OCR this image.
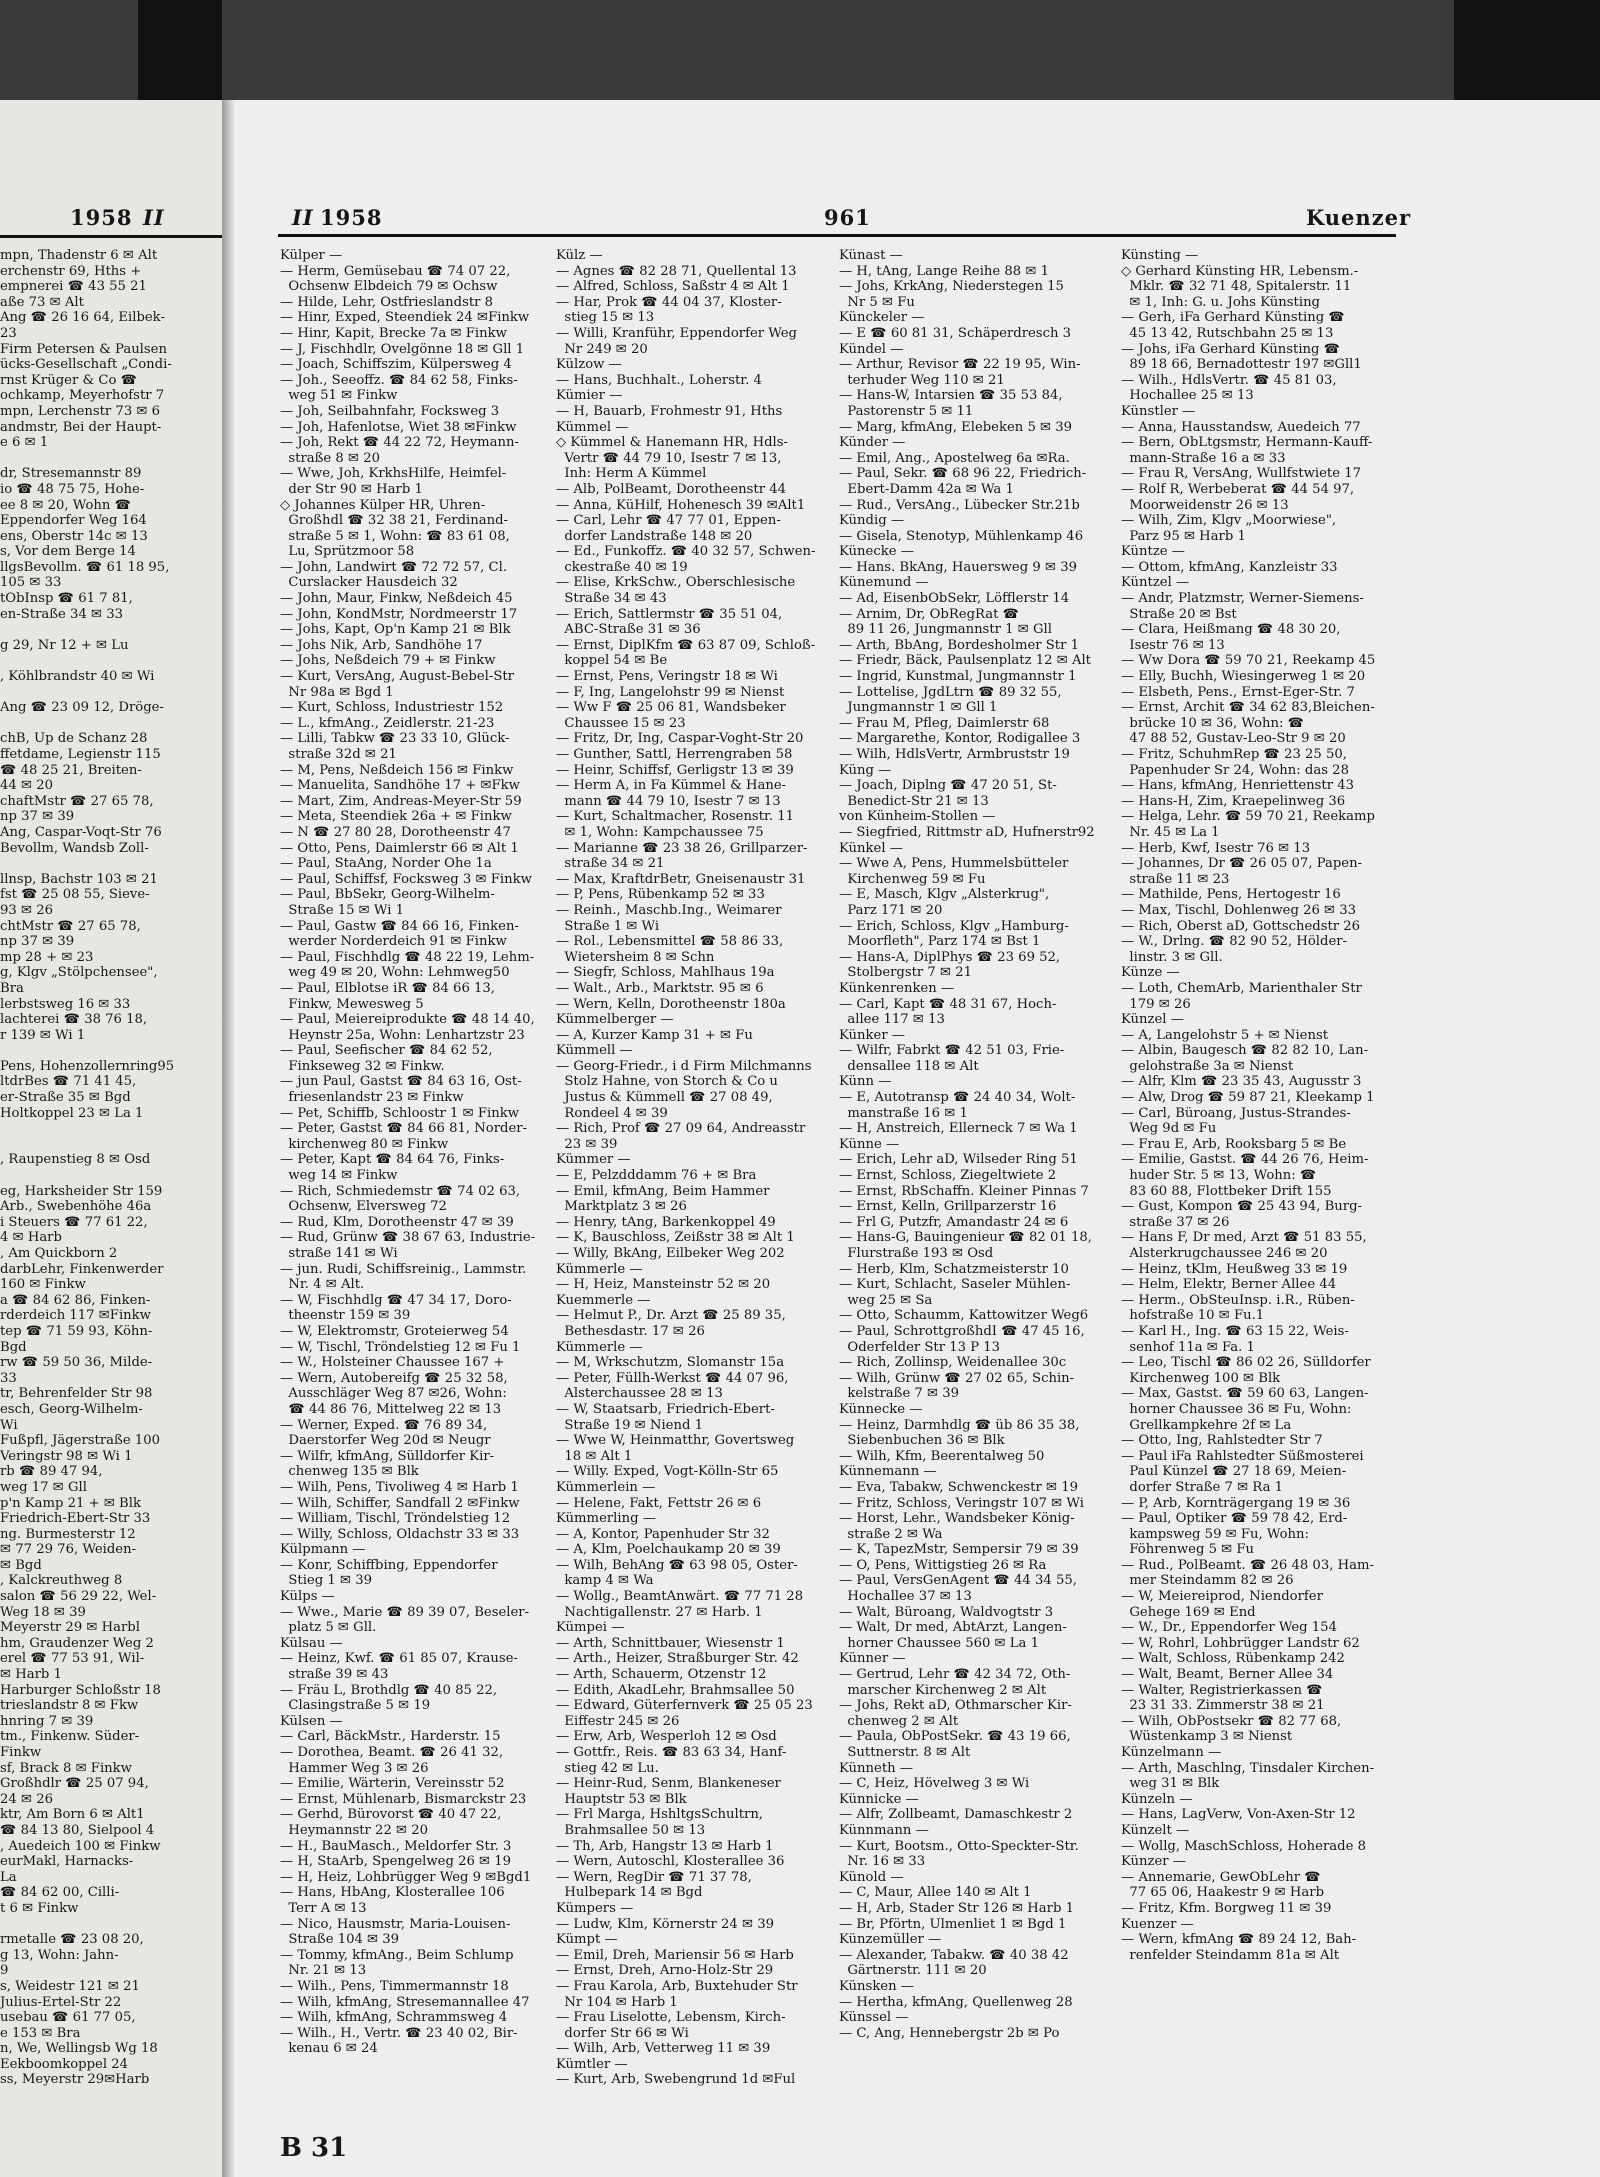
1958 II
mpn, Thadenstr 6 ✉ Alt
erchenstr 69, Hths +
empnerei ☎ 43 55 21
aße 73 ✉ Alt
Ang ☎ 26 16 64, Eilbek-
23
Firm Petersen & Paulsen
ücks-Gesellschaft „Condi-
rnst Krüger & Co ☎
ochkamp, Meyerhofstr 7
mpn, Lerchenstr 73 ✉ 6
andmstr, Bei der Haupt-
e 6 ✉ 1
dr, Stresemannstr 89
io ☎ 48 75 75, Hohe-
ee 8 ✉ 20, Wohn ☎
Eppendorfer Weg 164
ens, Oberstr 14c ✉ 13
s, Vor dem Berge 14
llgsBevollm. ☎ 61 18 95,
105 ✉ 33
tObInsp ☎ 61 7 81,
en-Straße 34 ✉ 33
g 29, Nr 12 + ✉ Lu
, Köhlbrandstr 40 ✉ Wi
Ang ☎ 23 09 12, Dröge-
chB, Up de Schanz 28
ffetdame, Legienstr 115
☎ 48 25 21, Breiten-
44 ✉ 20
chaftMstr ☎ 27 65 78,
np 37 ✉ 39
Ang, Caspar-Voqt-Str 76
Bevollm, Wandsb Zoll-
llnsp, Bachstr 103 ✉ 21
fst ☎ 25 08 55, Sieve-
93 ✉ 26
chtMstr ☎ 27 65 78,
np 37 ✉ 39
mp 28 + ✉ 23
g, Klgv „Stölpchensee",
Bra
lerbstsweg 16 ✉ 33
lachterei ☎ 38 76 18,
r 139 ✉ Wi 1
Pens, Hohenzollernring95
ltdrBes ☎ 71 41 45,
er-Straße 35 ✉ Bgd
Holtkoppel 23 ✉ La 1
, Raupenstieg 8 ✉ Osd
eg, Harksheider Str 159
Arb., Swebenhöhe 46a
i Steuers ☎ 77 61 22,
4 ✉ Harb
, Am Quickborn 2
darbLehr, Finkenwerder
160 ✉ Finkw
a ☎ 84 62 86, Finken-
rderdeich 117 ✉Finkw
tep ☎ 71 59 93, Köhn-
Bgd
rw ☎ 59 50 36, Milde-
33
tr, Behrenfelder Str 98
esch, Georg-Wilhelm-
Wi
Fußpfl, Jägerstraße 100
Veringstr 98 ✉ Wi 1
rb ☎ 89 47 94,
weg 17 ✉ Gll
p'n Kamp 21 + ✉ Blk
Friedrich-Ebert-Str 33
ng. Burmesterstr 12
✉ 77 29 76, Weiden-
✉ Bgd
, Kalckreuthweg 8
salon ☎ 56 29 22, Wel-
Weg 18 ✉ 39
Meyerstr 29 ✉ Harbl
hm, Graudenzer Weg 2
erel ☎ 77 53 91, Wil-
✉ Harb 1
Harburger Schloßstr 18
trieslandstr 8 ✉ Fkw
hnring 7 ✉ 39
tm., Finkenw. Süder-
Finkw
sf, Brack 8 ✉ Finkw
Großhdlr ☎ 25 07 94,
24 ✉ 26
ktr, Am Born 6 ✉ Alt1
☎ 84 13 80, Sielpool 4
, Auedeich 100 ✉ Finkw
eurMakl, Harnacks-
La
☎ 84 62 00, Cilli-
t 6 ✉ Finkw
rmetalle ☎ 23 08 20,
g 13, Wohn: Jahn-
9
s, Weidestr 121 ✉ 21
Julius-Ertel-Str 22
usebau ☎ 61 77 05,
e 153 ✉ Bra
n, We, Wellingsb Wg 18
Eekboomkoppel 24
ss, Meyerstr 29✉Harb
II 1958	961	Kuenzer
Külper —
— Herm, Gemüsebau ☎ 74 07 22,
Ochsenw Elbdeich 79 ✉ Ochsw
— Hilde, Lehr, Ostfrieslandstr 8
— Hinr, Exped, Steendiek 24 ✉Finkw
— Hinr, Kapit, Brecke 7a ✉ Finkw
— J, Fischhdlr, Ovelgönne 18 ✉ Gll 1
— Joach, Schiffszim, Külpersweg 4
— Joh., Seeoffz. ☎ 84 62 58, Finks-
weg 51 ✉ Finkw
— Joh, Seilbahnfahr, Focksweg 3
— Joh, Hafenlotse, Wiet 38 ✉Finkw
— Joh, Rekt ☎ 44 22 72, Heymann-
straße 8 ✉ 20
— Wwe, Joh, KrkhsHilfe, Heimfel-
der Str 90 ✉ Harb 1
◇ Johannes Külper HR, Uhren-
Großhdl ☎ 32 38 21, Ferdinand-
straße 5 ✉ 1, Wohn: ☎ 83 61 08,
Lu, Sprützmoor 58
— John, Landwirt ☎ 72 72 57, Cl.
Curslacker Hausdeich 32
— John, Maur, Finkw, Neßdeich 45
— John, KondMstr, Nordmeerstr 17
— Johs, Kapt, Op'n Kamp 21 ✉ Blk
— Johs Nik, Arb, Sandhöhe 17
— Johs, Neßdeich 79 + ✉ Finkw
— Kurt, VersAng, August-Bebel-Str
Nr 98a ✉ Bgd 1
— Kurt, Schloss, Industriestr 152
— L., kfmAng., Zeidlerstr. 21-23
— Lilli, Tabkw ☎ 23 33 10, Glück-
straße 32d ✉ 21
— M, Pens, Neßdeich 156 ✉ Finkw
— Manuelita, Sandhöhe 17 + ✉Fkw
— Mart, Zim, Andreas-Meyer-Str 59
— Meta, Steendiek 26a + ✉ Finkw
— N ☎ 27 80 28, Dorotheenstr 47
— Otto, Pens, Daimlerstr 66 ✉ Alt 1
— Paul, StaAng, Norder Ohe 1a
— Paul, Schiffsf, Focksweg 3 ✉ Finkw
— Paul, BbSekr, Georg-Wilhelm-
Straße 15 ✉ Wi 1
— Paul, Gastw ☎ 84 66 16, Finken-
werder Norderdeich 91 ✉ Finkw
— Paul, Fischhdlg ☎ 48 22 19, Lehm-
weg 49 ✉ 20, Wohn: Lehmweg50
— Paul, Elblotse iR ☎ 84 66 13,
Finkw, Mewesweg 5
— Paul, Meiereiprodukte ☎ 48 14 40,
Heynstr 25a, Wohn: Lenhartzstr 23
— Paul, Seefischer ☎ 84 62 52,
Finkseweg 32 ✉ Finkw.
— jun Paul, Gastst ☎ 84 63 16, Ost-
friesenlandstr 23 ✉ Finkw
— Pet, Schiffb, Schloostr 1 ✉ Finkw
— Peter, Gastst ☎ 84 66 81, Norder-
kirchenweg 80 ✉ Finkw
— Peter, Kapt ☎ 84 64 76, Finks-
weg 14 ✉ Finkw
— Rich, Schmiedemstr ☎ 74 02 63,
Ochsenw, Elversweg 72
— Rud, Klm, Dorotheenstr 47 ✉ 39
— Rud, Grünw ☎ 38 67 63, Industrie-
straße 141 ✉ Wi
— jun. Rudi, Schiffsreinig., Lammstr.
Nr. 4 ✉ Alt.
— W, Fischhdlg ☎ 47 34 17, Doro-
theenstr 159 ✉ 39
— W, Elektromstr, Groteierweg 54
— W, Tischl, Tröndelstieg 12 ✉ Fu 1
— W., Holsteiner Chaussee 167 +
— Wern, Autobereifg ☎ 25 32 58,
Ausschläger Weg 87 ✉26, Wohn:
☎ 44 86 76, Mittelweg 22 ✉ 13
— Werner, Exped. ☎ 76 89 34,
Daerstorfer Weg 20d ✉ Neugr
— Wilfr, kfmAng, Sülldorfer Kir-
chenweg 135 ✉ Blk
— Wilh, Pens, Tivoliweg 4 ✉ Harb 1
— Wilh, Schiffer, Sandfall 2 ✉Finkw
— William, Tischl, Tröndelstieg 12
— Willy, Schloss, Oldachstr 33 ✉ 33
Külpmann —
— Konr, Schiffbing, Eppendorfer
Stieg 1 ✉ 39
Külps —
— Wwe., Marie ☎ 89 39 07, Beseler-
platz 5 ✉ Gll.
Külsau —
— Heinz, Kwf. ☎ 61 85 07, Krause-
straße 39 ✉ 43
— Fräu L, Brothdlg ☎ 40 85 22,
Clasingstraße 5 ✉ 19
Külsen —
— Carl, BäckMstr., Harderstr. 15
— Dorothea, Beamt. ☎ 26 41 32,
Hammer Weg 3 ✉ 26
— Emilie, Wärterin, Vereinsstr 52
— Ernst, Mühlenarb, Bismarckstr 23
— Gerhd, Bürovorst ☎ 40 47 22,
Heymannstr 22 ✉ 20
— H., BauMasch., Meldorfer Str. 3
— H, StaArb, Spengelweg 26 ✉ 19
— H, Heiz, Lohbrügger Weg 9 ✉Bgd1
— Hans, HbAng, Klosterallee 106
Terr A ✉ 13
— Nico, Hausmstr, Maria-Louisen-
Straße 104 ✉ 39
— Tommy, kfmAng., Beim Schlump
Nr. 21 ✉ 13
— Wilh., Pens, Timmermannstr 18
— Wilh, kfmAng, Stresemannallee 47
— Wilh, kfmAng, Schrammsweg 4
— Wilh., H., Vertr. ☎ 23 40 02, Bir-
kenau 6 ✉ 24
Külz —
— Agnes ☎ 82 28 71, Quellental 13
— Alfred, Schloss, Saßstr 4 ✉ Alt 1
— Har, Prok ☎ 44 04 37, Kloster-
stieg 15 ✉ 13
— Willi, Kranführ, Eppendorfer Weg
Nr 249 ✉ 20
Külzow —
— Hans, Buchhalt., Loherstr. 4
Kümier —
— H, Bauarb, Frohmestr 91, Hths
Kümmel —
◇ Kümmel & Hanemann HR, Hdls-
Vertr ☎ 44 79 10, Isestr 7 ✉ 13,
Inh: Herm A Kümmel
— Alb, PolBeamt, Dorotheenstr 44
— Anna, KüHilf, Hohenesch 39 ✉Alt1
— Carl, Lehr ☎ 47 77 01, Eppen-
dorfer Landstraße 148 ✉ 20
— Ed., Funkoffz. ☎ 40 32 57, Schwen-
ckestraße 40 ✉ 19
— Elise, KrkSchw., Oberschlesische
Straße 34 ✉ 43
— Erich, Sattlermstr ☎ 35 51 04,
ABC-Straße 31 ✉ 36
— Ernst, DiplKfm ☎ 63 87 09, Schloß-
koppel 54 ✉ Be
— Ernst, Pens, Veringstr 18 ✉ Wi
— F, Ing, Langelohstr 99 ✉ Nienst
— Ww F ☎ 25 06 81, Wandsbeker
Chaussee 15 ✉ 23
— Fritz, Dr, Ing, Caspar-Voght-Str 20
— Gunther, Sattl, Herrengraben 58
— Heinr, Schiffsf, Gerligstr 13 ✉ 39
— Herm A, in Fa Kümmel & Hane-
mann ☎ 44 79 10, Isestr 7 ✉ 13
— Kurt, Schaltmacher, Rosenstr. 11
✉ 1, Wohn: Kampchaussee 75
— Marianne ☎ 23 38 26, Grillparzer-
straße 34 ✉ 21
— Max, KraftdrBetr, Gneisenaustr 31
— P, Pens, Rübenkamp 52 ✉ 33
— Reinh., Maschb.Ing., Weimarer
Straße 1 ✉ Wi
— Rol., Lebensmittel ☎ 58 86 33,
Wietersheim 8 ✉ Schn
— Siegfr, Schloss, Mahlhaus 19a
— Walt., Arb., Marktstr. 95 ✉ 6
— Wern, Kelln, Dorotheenstr 180a
Kümmelberger —
— A, Kurzer Kamp 31 + ✉ Fu
Kümmell —
— Georg-Friedr., i d Firm Milchmanns
Stolz Hahne, von Storch & Co u
Justus & Kümmell ☎ 27 08 49,
Rondeel 4 ✉ 39
— Rich, Prof ☎ 27 09 64, Andreasstr
23 ✉ 39
Kümmer —
— E, Pelzdddamm 76 + ✉ Bra
— Emil, kfmAng, Beim Hammer
Marktplatz 3 ✉ 26
— Henry, tAng, Barkenkoppel 49
— K, Bauschloss, Zeißstr 38 ✉ Alt 1
— Willy, BkAng, Eilbeker Weg 202
Kümmerle —
— H, Heiz, Mansteinstr 52 ✉ 20
Kuemmerle —
— Helmut P., Dr. Arzt ☎ 25 89 35,
Bethesdastr. 17 ✉ 26
Kümmerle —
— M, Wrkschutzm, Slomanstr 15a
— Peter, Füllh-Werkst ☎ 44 07 96,
Alsterchaussee 28 ✉ 13
— W, Staatsarb, Friedrich-Ebert-
Straße 19 ✉ Niend 1
— Wwe W, Heinmatthr, Govertsweg
18 ✉ Alt 1
— Willy. Exped, Vogt-Kölln-Str 65
Kümmerlein —
— Helene, Fakt, Fettstr 26 ✉ 6
Kümmerling —
— A, Kontor, Papenhuder Str 32
— A, Klm, Poelchaukamp 20 ✉ 39
— Wilh, BehAng ☎ 63 98 05, Oster-
kamp 4 ✉ Wa
— Wollg., BeamtAnwärt. ☎ 77 71 28
Nachtigallenstr. 27 ✉ Harb. 1
Kümpei —
— Arth, Schnittbauer, Wiesenstr 1
— Arth., Heizer, Straßburger Str. 42
— Arth, Schauerm, Otzenstr 12
— Edith, AkadLehr, Brahmsallee 50
— Edward, Güterfernverk ☎ 25 05 23
Eiffestr 245 ✉ 26
— Erw, Arb, Wesperloh 12 ✉ Osd
— Gottfr., Reis. ☎ 83 63 34, Hanf-
stieg 42 ✉ Lu.
— Heinr-Rud, Senm, Blankeneser
Hauptstr 53 ✉ Blk
— Frl Marga, HshltgsSchultrn,
Brahmsallee 50 ✉ 13
— Th, Arb, Hangstr 13 ✉ Harb 1
— Wern, Autoschl, Klosterallee 36
— Wern, RegDir ☎ 71 37 78,
Hulbepark 14 ✉ Bgd
Kümpers —
— Ludw, Klm, Körnerstr 24 ✉ 39
Kümpt —
— Emil, Dreh, Mariensir 56 ✉ Harb
— Ernst, Dreh, Arno-Holz-Str 29
— Frau Karola, Arb, Buxtehuder Str
Nr 104 ✉ Harb 1
— Frau Liselotte, Lebensm, Kirch-
dorfer Str 66 ✉ Wi
— Wilh, Arb, Vetterweg 11 ✉ 39
Kümtler —
— Kurt, Arb, Swebengrund 1d ✉Ful
Künast —
— H, tAng, Lange Reihe 88 ✉ 1
— Johs, KrkAng, Niederstegen 15
Nr 5 ✉ Fu
Künckeler —
— E ☎ 60 81 31, Schäperdresch 3
Kündel —
— Arthur, Revisor ☎ 22 19 95, Win-
terhuder Weg 110 ✉ 21
— Hans-W, Intarsien ☎ 35 53 84,
Pastorenstr 5 ✉ 11
— Marg, kfmAng, Elebeken 5 ✉ 39
Künder —
— Emil, Ang., Apostelweg 6a ✉Ra.
— Paul, Sekr. ☎ 68 96 22, Friedrich-
Ebert-Damm 42a ✉ Wa 1
— Rud., VersAng., Lübecker Str.21b
Kündig —
— Gisela, Stenotyp, Mühlenkamp 46
Künecke —
— Hans. BkAng, Hauersweg 9 ✉ 39
Künemund —
— Ad, EisenbObSekr, Löfflerstr 14
— Arnim, Dr, ObRegRat ☎
89 11 26, Jungmannstr 1 ✉ Gll
— Arth, BbAng, Bordesholmer Str 1
— Friedr, Bäck, Paulsenplatz 12 ✉ Alt
— Ingrid, Kunstmal, Jungmannstr 1
— Lottelise, JgdLtrn ☎ 89 32 55,
Jungmannstr 1 ✉ Gll 1
— Frau M, Pfleg, Daimlerstr 68
— Margarethe, Kontor, Rodigallee 3
— Wilh, HdlsVertr, Armbruststr 19
Küng —
— Joach, Diplng ☎ 47 20 51, St-
Benedict-Str 21 ✉ 13
von Künheim-Stollen —
— Siegfried, Rittmstr aD, Hufnerstr92
Künkel —
— Wwe A, Pens, Hummelsbütteler
Kirchenweg 59 ✉ Fu
— E, Masch, Klgv „Alsterkrug",
Parz 171 ✉ 20
— Erich, Schloss, Klgv „Hamburg-
Moorfleth", Parz 174 ✉ Bst 1
— Hans-A, DiplPhys ☎ 23 69 52,
Stolbergstr 7 ✉ 21
Künkenrenken —
— Carl, Kapt ☎ 48 31 67, Hoch-
allee 117 ✉ 13
Künker —
— Wilfr, Fabrkt ☎ 42 51 03, Frie-
densallee 118 ✉ Alt
Künn —
— E, Autotransp ☎ 24 40 34, Wolt-
manstraße 16 ✉ 1
— H, Anstreich, Ellerneck 7 ✉ Wa 1
Künne —
— Erich, Lehr aD, Wilseder Ring 51
— Ernst, Schloss, Ziegeltwiete 2
— Ernst, RbSchaffn. Kleiner Pinnas 7
— Ernst, Kelln, Grillparzerstr 16
— Frl G, Putzfr, Amandastr 24 ✉ 6
— Hans-G, Bauingenieur ☎ 82 01 18,
Flurstraße 193 ✉ Osd
— Herb, Klm, Schatzmeisterstr 10
— Kurt, Schlacht, Saseler Mühlen-
weg 25 ✉ Sa
— Otto, Schaumm, Kattowitzer Weg6
— Paul, SchrottgroßhdI ☎ 47 45 16,
Oderfelder Str 13 P 13
— Rich, Zollinsp, Weidenallee 30c
— Wilh, Grünw ☎ 27 02 65, Schin-
kelstraße 7 ✉ 39
Künnecke —
— Heinz, Darmhdlg ☎ üb 86 35 38,
Siebenbuchen 36 ✉ Blk
— Wilh, Kfm, Beerentalweg 50
Künnemann —
— Eva, Tabakw, Schwenckestr ✉ 19
— Fritz, Schloss, Veringstr 107 ✉ Wi
— Horst, Lehr., Wandsbeker König-
straße 2 ✉ Wa
— K, TapezMstr, Sempersir 79 ✉ 39
— O, Pens, Wittigstieg 26 ✉ Ra
— Paul, VersGenAgent ☎ 44 34 55,
Hochallee 37 ✉ 13
— Walt, Büroang, Waldvogtstr 3
— Walt, Dr med, AbtArzt, Langen-
horner Chaussee 560 ✉ La 1
Künner —
— Gertrud, Lehr ☎ 42 34 72, Oth-
marscher Kirchenweg 2 ✉ Alt
— Johs, Rekt aD, Othmarscher Kir-
chenweg 2 ✉ Alt
— Paula, ObPostSekr. ☎ 43 19 66,
Suttnerstr. 8 ✉ Alt
Künneth —
— C, Heiz, Hövelweg 3 ✉ Wi
Künnicke —
— Alfr, Zollbeamt, Damaschkestr 2
Künnmann —
— Kurt, Bootsm., Otto-Speckter-Str.
Nr. 16 ✉ 33
Künold —
— C, Maur, Allee 140 ✉ Alt 1
— H, Arb, Stader Str 126 ✉ Harb 1
— Br, Pförtn, Ulmenliet 1 ✉ Bgd 1
Künzemüller —
— Alexander, Tabakw. ☎ 40 38 42
Gärtnerstr. 111 ✉ 20
Künsken —
— Hertha, kfmAng, Quellenweg 28
Künssel —
— C, Ang, Hennebergstr 2b ✉ Po
Künsting —
◇ Gerhard Künsting HR, Lebensm.-
Mklr. ☎ 32 71 48, Spitalerstr. 11
✉ 1, Inh: G. u. Johs Künsting
— Gerh, iFa Gerhard Künsting ☎
45 13 42, Rutschbahn 25 ✉ 13
— Johs, iFa Gerhard Künsting ☎
89 18 66, Bernadottestr 197 ✉Gll1
— Wilh., HdlsVertr. ☎ 45 81 03,
Hochallee 25 ✉ 13
Künstler —
— Anna, Hausstandsw, Auedeich 77
— Bern, ObLtgsmstr, Hermann-Kauff-
mann-Straße 16 a ✉ 33
— Frau R, VersAng, Wullfstwiete 17
— Rolf R, Werbeberat ☎ 44 54 97,
Moorweidenstr 26 ✉ 13
— Wilh, Zim, Klgv „Moorwiese",
Parz 95 ✉ Harb 1
Küntze —
— Ottom, kfmAng, Kanzleistr 33
Küntzel —
— Andr, Platzmstr, Werner-Siemens-
Straße 20 ✉ Bst
— Clara, Heißmang ☎ 48 30 20,
Isestr 76 ✉ 13
— Ww Dora ☎ 59 70 21, Reekamp 45
— Elly, Buchh, Wiesingerweg 1 ✉ 20
— Elsbeth, Pens., Ernst-Eger-Str. 7
— Ernst, Archit ☎ 34 62 83,Bleichen-
brücke 10 ✉ 36, Wohn: ☎
47 88 52, Gustav-Leo-Str 9 ✉ 20
— Fritz, SchuhmRep ☎ 23 25 50,
Papenhuder Sr 24, Wohn: das 28
— Hans, kfmAng, Henriettenstr 43
— Hans-H, Zim, Kraepelinweg 36
— Helga, Lehr. ☎ 59 70 21, Reekamp
Nr. 45 ✉ La 1
— Herb, Kwf, Isestr 76 ✉ 13
— Johannes, Dr ☎ 26 05 07, Papen-
straße 11 ✉ 23
— Mathilde, Pens, Hertogestr 16
— Max, Tischl, Dohlenweg 26 ✉ 33
— Rich, Oberst aD, Gottschedstr 26
— W., Drlng. ☎ 82 90 52, Hölder-
linstr. 3 ✉ Gll.
Künze —
— Loth, ChemArb, Marienthaler Str
179 ✉ 26
Künzel —
— A, Langelohstr 5 + ✉ Nienst
— Albin, Baugesch ☎ 82 82 10, Lan-
gelohstraße 3a ✉ Nienst
— Alfr, Klm ☎ 23 35 43, Augusstr 3
— Alw, Drog ☎ 59 87 21, Kleekamp 1
— Carl, Büroang, Justus-Strandes-
Weg 9d ✉ Fu
— Frau E, Arb, Rooksbarg 5 ✉ Be
— Emilie, Gastst. ☎ 44 26 76, Heim-
huder Str. 5 ✉ 13, Wohn: ☎
83 60 88, Flottbeker Drift 155
— Gust, Kompon ☎ 25 43 94, Burg-
straße 37 ✉ 26
— Hans F, Dr med, Arzt ☎ 51 83 55,
Alsterkrugchaussee 246 ✉ 20
— Heinz, tKlm, Heußweg 33 ✉ 19
— Helm, Elektr, Berner Allee 44
— Herm., ObSteuInsp. i.R., Rüben-
hofstraße 10 ✉ Fu.1
— Karl H., Ing. ☎ 63 15 22, Weis-
senhof 11a ✉ Fa. 1
— Leo, Tischl ☎ 86 02 26, Sülldorfer
Kirchenweg 100 ✉ Blk
— Max, Gastst. ☎ 59 60 63, Langen-
horner Chaussee 36 ✉ Fu, Wohn:
Grellkampkehre 2f ✉ La
— Otto, Ing, Rahlstedter Str 7
— Paul iFa Rahlstedter Süßmosterei
Paul Künzel ☎ 27 18 69, Meien-
dorfer Straße 7 ✉ Ra 1
— P, Arb, Kornträgergang 19 ✉ 36
— Paul, Optiker ☎ 59 78 42, Erd-
kampsweg 59 ✉ Fu, Wohn:
Föhrenweg 5 ✉ Fu
— Rud., PolBeamt. ☎ 26 48 03, Ham-
mer Steindamm 82 ✉ 26
— W, Meiereiprod, Niendorfer
Gehege 169 ✉ End
— W., Dr., Eppendorfer Weg 154
— W, Rohrl, Lohbrügger Landstr 62
— Walt, Schloss, Rübenkamp 242
— Walt, Beamt, Berner Allee 34
— Walter, Registrierkassen ☎
23 31 33. Zimmerstr 38 ✉ 21
— Wilh, ObPostsekr ☎ 82 77 68,
Wüstenkamp 3 ✉ Nienst
Künzelmann —
— Arth, Maschlng, Tinsdaler Kirchen-
weg 31 ✉ Blk
Künzeln —
— Hans, LagVerw, Von-Axen-Str 12
Künzelt —
— Wollg, MaschSchloss, Hoherade 8
Künzer —
— Annemarie, GewObLehr ☎
77 65 06, Haakestr 9 ✉ Harb
— Fritz, Kfm. Borgweg 11 ✉ 39
Kuenzer —
— Wern, kfmAng ☎ 89 24 12, Bah-
renfelder Steindamm 81a ✉ Alt
B 31
